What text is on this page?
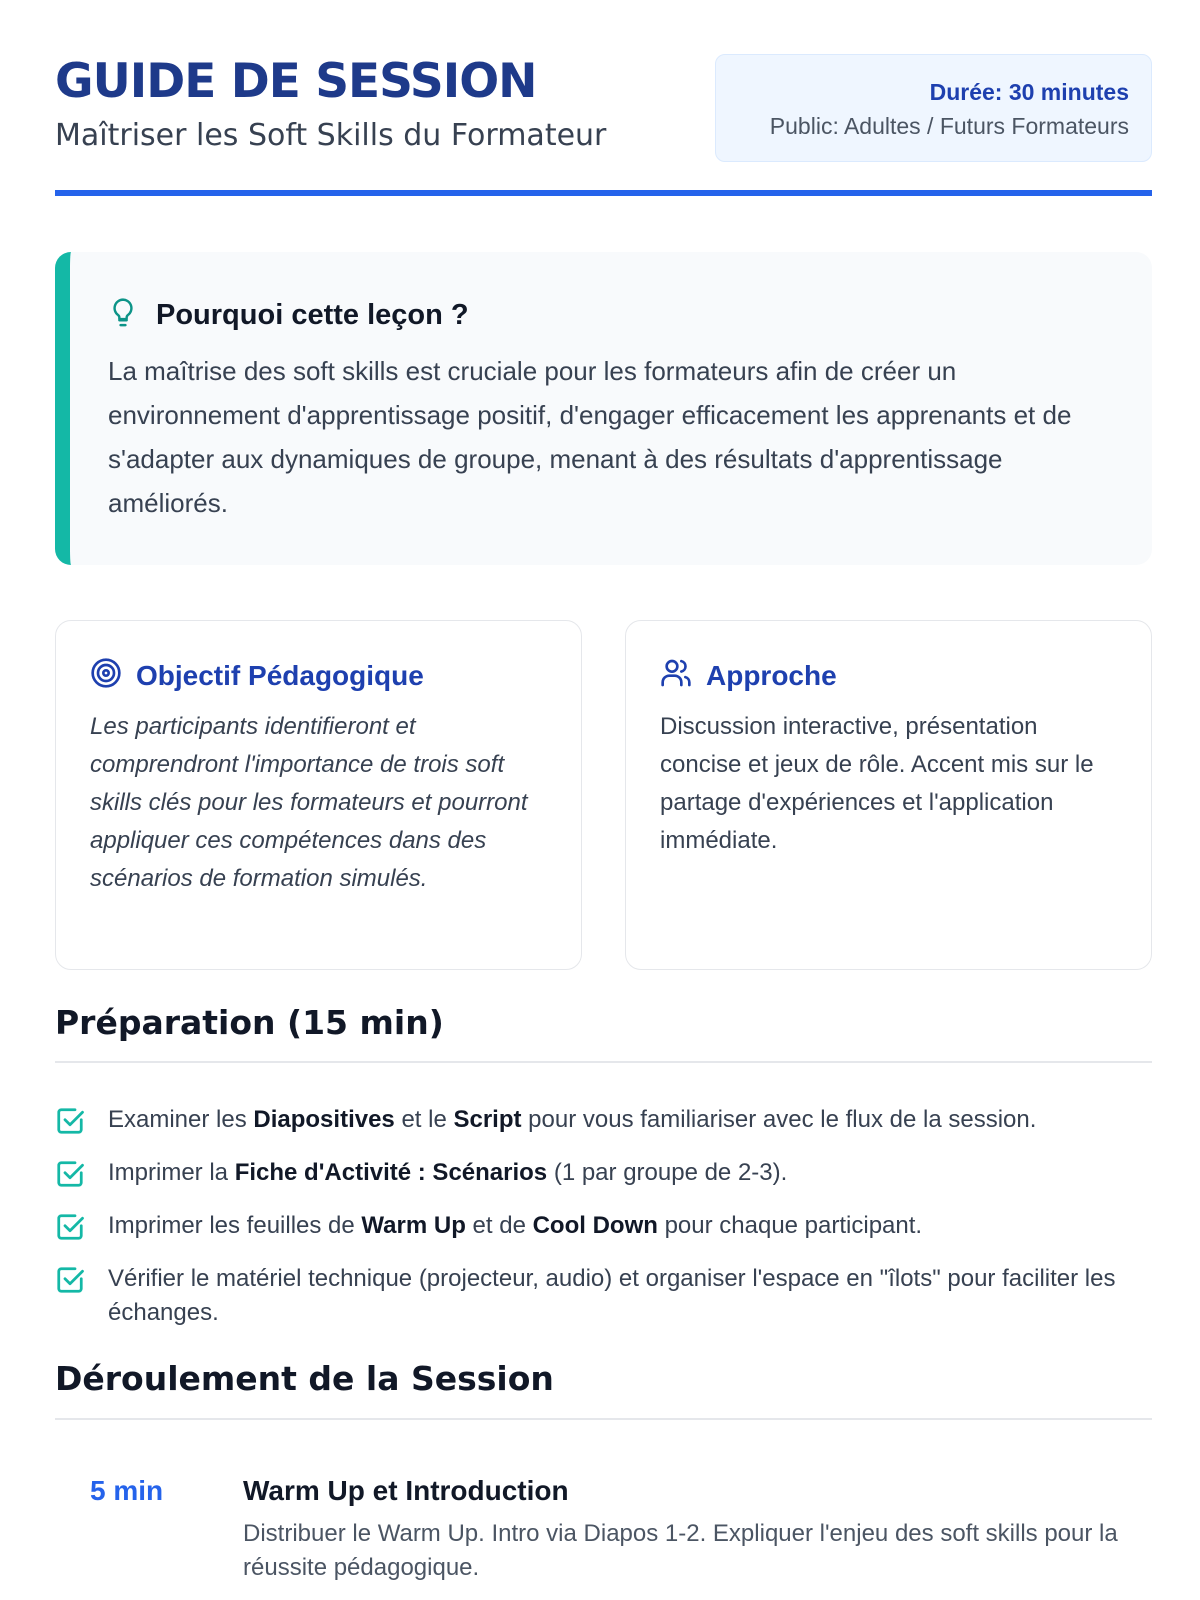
GUIDE DE SESSION

Maîtriser les Soft Skills du Formateur

Durée: 30 minutes
Public: Adultes / Futurs Formateurs
Pourquoi cette leçon ?

La maîtrise des soft skills est cruciale pour les formateurs afin de créer un environnement d'apprentissage positif, d'engager efficacement les apprenants et de s'adapter aux dynamiques de groupe, menant à des résultats d'apprentissage améliorés.

Objectif Pédagogique

Les participants identifieront et comprendront l'importance de trois soft skills clés pour les formateurs et pourront appliquer ces compétences dans des scénarios de formation simulés.

Approche

Discussion interactive, présentation concise et jeux de rôle. Accent mis sur le partage d'expériences et l'application immédiate.

Préparation (15 min)
Examiner les Diapositives et le Script pour vous familiariser avec le flux de la session.
Imprimer la Fiche d'Activité : Scénarios (1 par groupe de 2-3).
Imprimer les feuilles de Warm Up et de Cool Down pour chaque participant.
Vérifier le matériel technique (projecteur, audio) et organiser l'espace en "îlots" pour faciliter les échanges.
Déroulement de la Session
5 min	Warm Up et Introduction
Distribuer le Warm Up. Intro via Diapos 1-2. Expliquer l'enjeu des soft skills pour la réussite pédagogique.
